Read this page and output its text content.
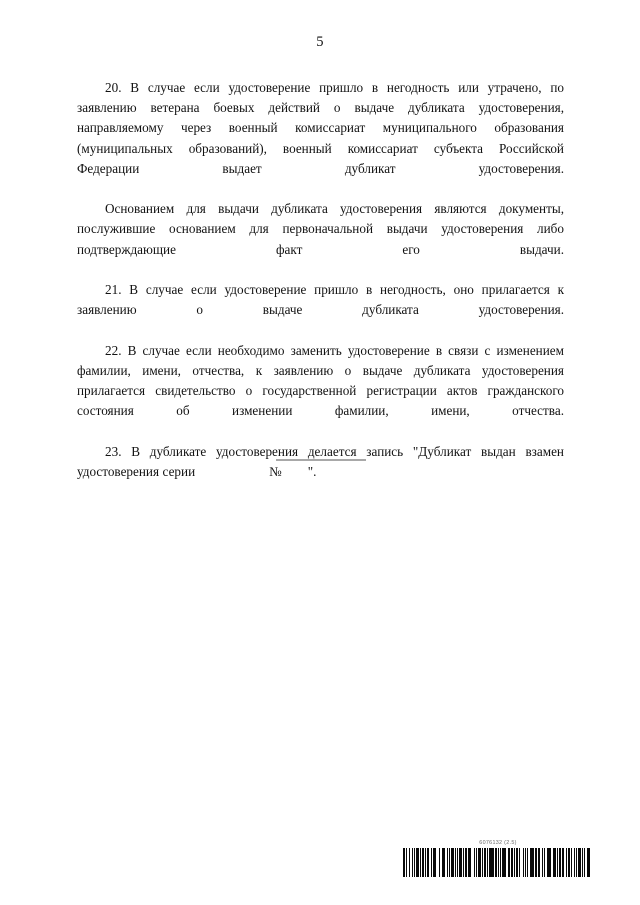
5

20. В случае если удостоверение пришло в негодность или утрачено, по заявлению ветерана боевых действий о выдаче дубликата удостоверения, направляемому через военный комиссариат муниципального образования (муниципальных образований), военный комиссариат субъекта Российской Федерации выдает дубликат удостоверения.

Основанием для выдачи дубликата удостоверения являются документы, послужившие основанием для первоначальной выдачи удостоверения либо подтверждающие факт его выдачи.

21. В случае если удостоверение пришло в негодность, оно прилагается к заявлению о выдаче дубликата удостоверения.

22. В случае если необходимо заменить удостоверение в связи с изменением фамилии, имени, отчества, к заявлению о выдаче дубликата удостоверения прилагается свидетельство о государственной регистрации актов гражданского состояния об изменении фамилии, имени, отчества.

23. В дубликате удостоверения делается запись "Дубликат выдан взамен удостоверения серии	№ ".

6076132 (2.5)
